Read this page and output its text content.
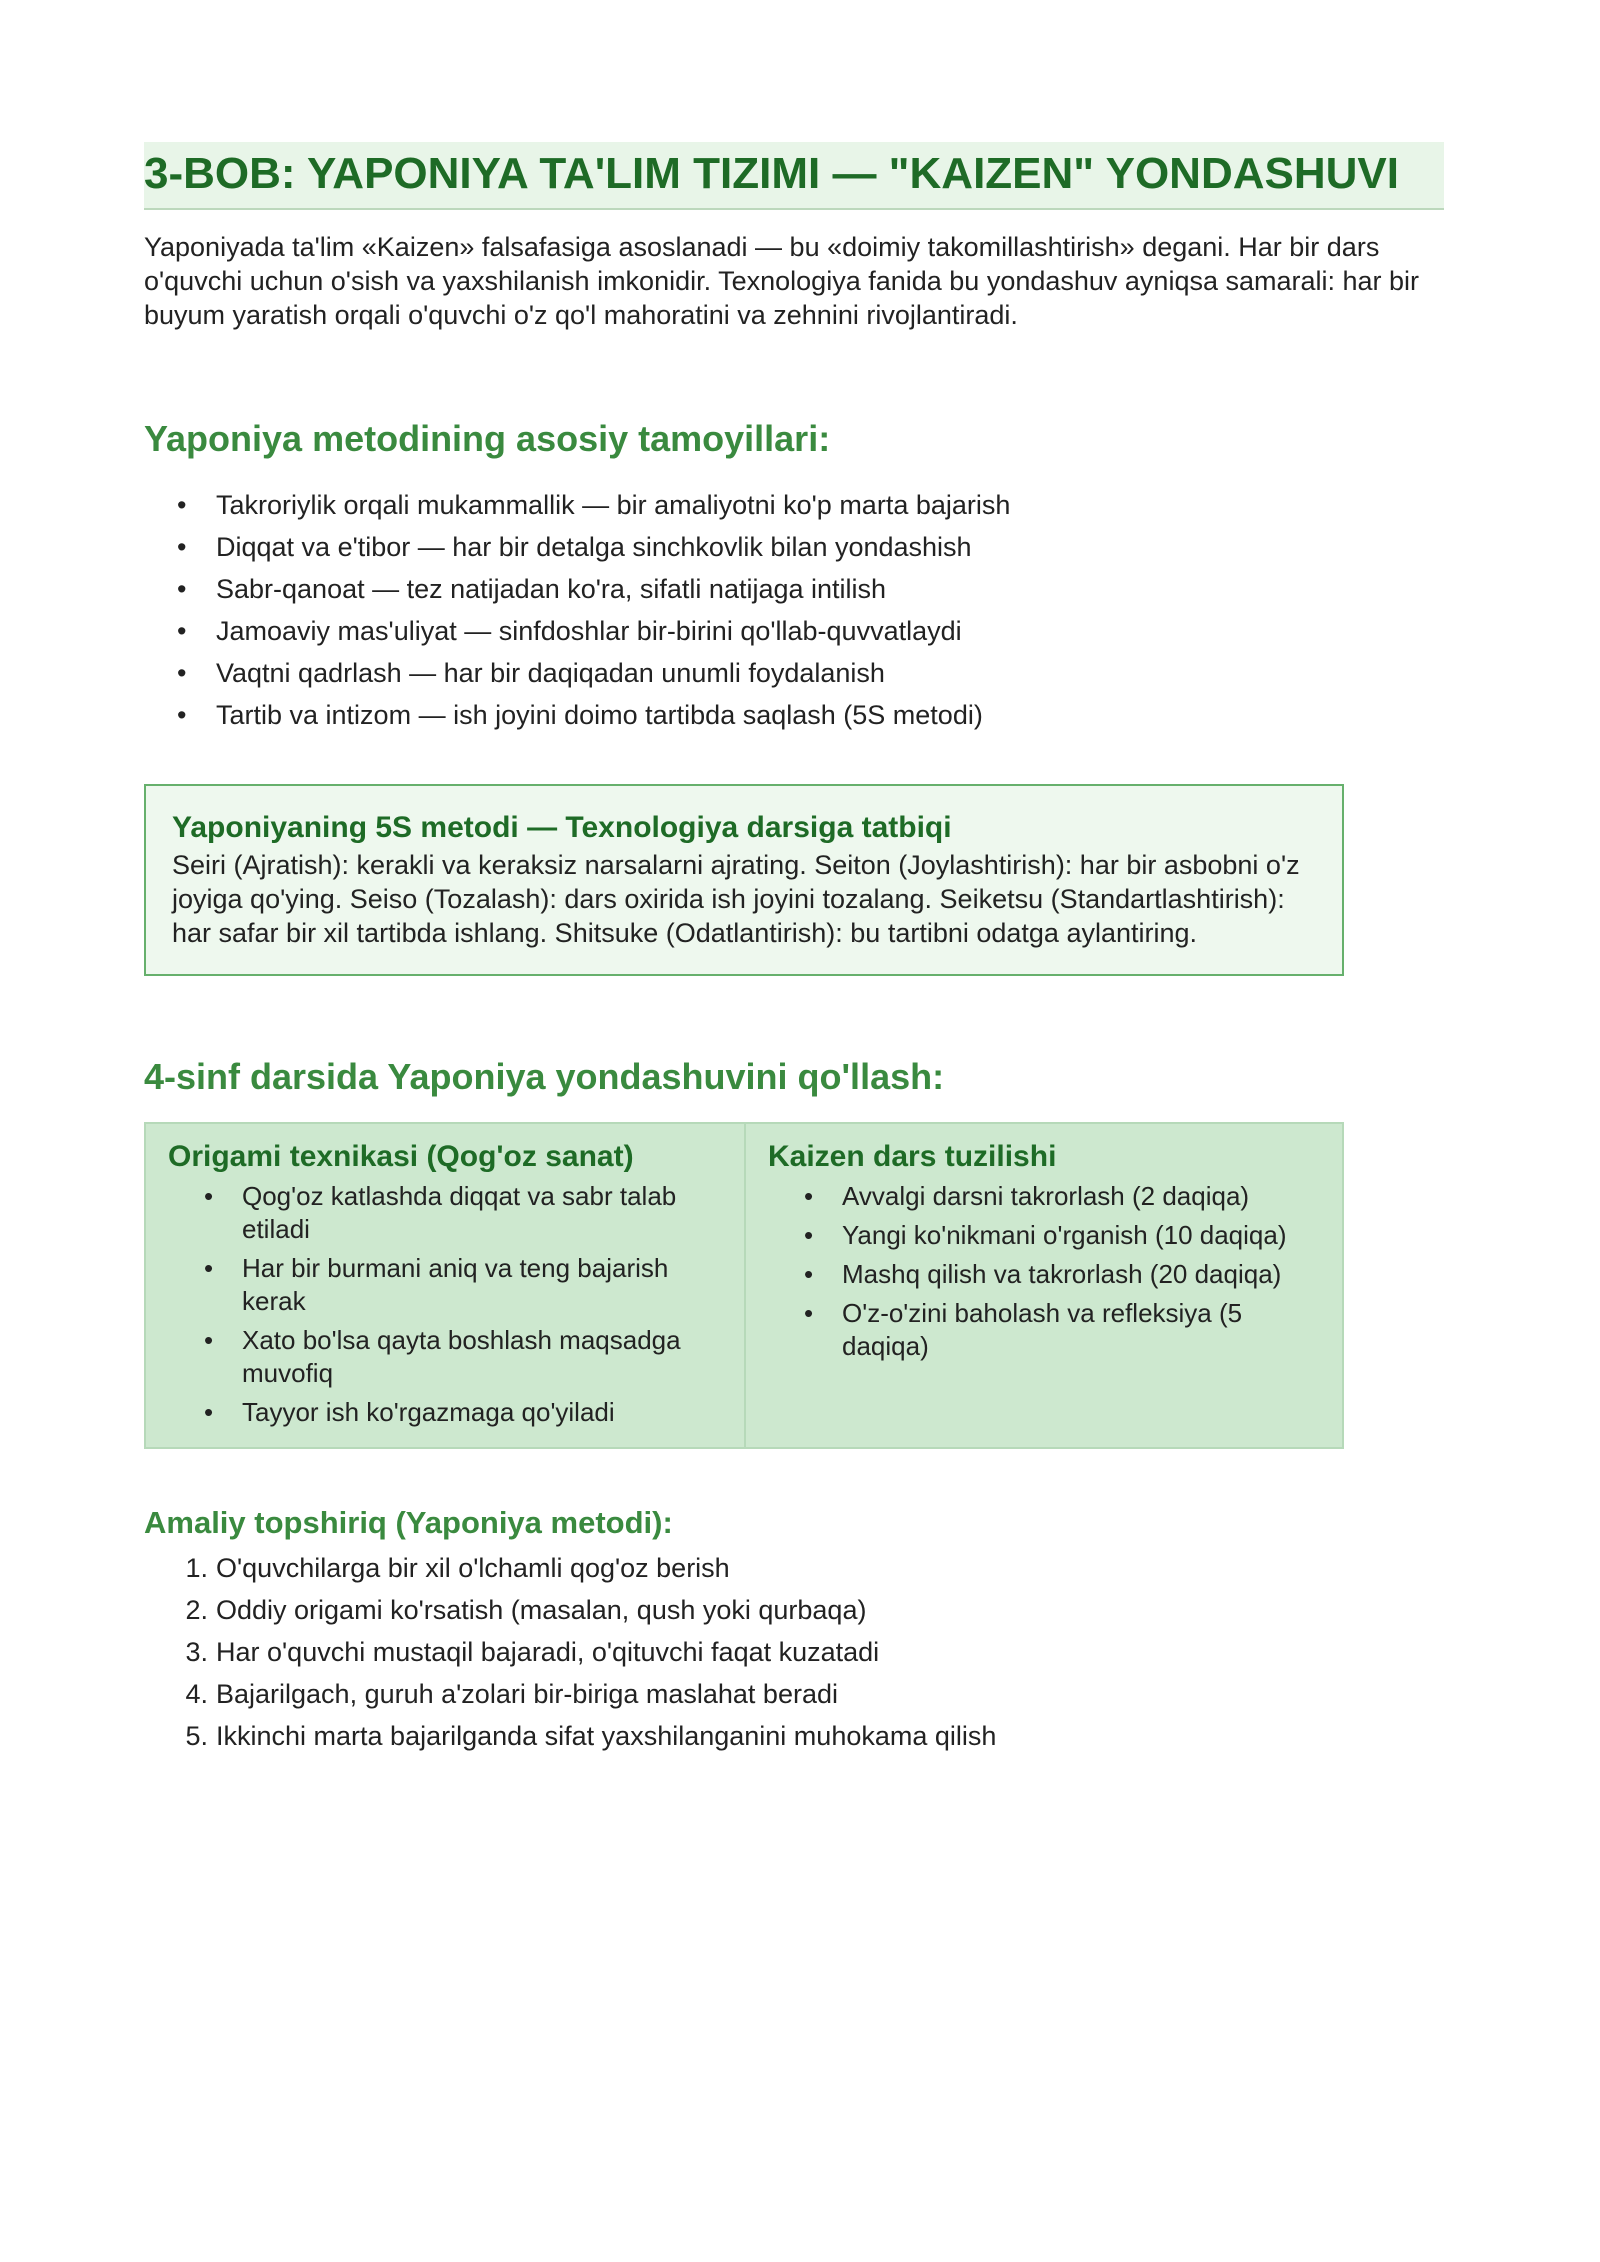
3-BOB: YAPONIYA TA'LIM TIZIMI — "KAIZEN" YONDASHUVI

Yaponiyada ta'lim «Kaizen» falsafasiga asoslanadi — bu «doimiy takomillashtirish» degani. Har bir dars o'quvchi uchun o'sish va yaxshilanish imkonidir. Texnologiya fanida bu yondashuv ayniqsa samarali: har bir buyum yaratish orqali o'quvchi o'z qo'l mahoratini va zehnini rivojlantiradi.

Yaponiya metodining asosiy tamoyillari:
• Takroriylik orqali mukammallik — bir amaliyotni ko'p marta bajarish
• Diqqat va e'tibor — har bir detalga sinchkovlik bilan yondashish
• Sabr-qanoat — tez natijadan ko'ra, sifatli natijaga intilish
• Jamoaviy mas'uliyat — sinfdoshlar bir-birini qo'llab-quvvatlaydi
• Vaqtni qadrlash — har bir daqiqadan unumli foydalanish
• Tartib va intizom — ish joyini doimo tartibda saqlash (5S metodi)
Yaponiyaning 5S metodi — Texnologiya darsiga tatbiqi
Seiri (Ajratish): kerakli va keraksiz narsalarni ajrating. Seiton (Joylashtirish): har bir asbobni o'z joyiga qo'ying. Seiso (Tozalash): dars oxirida ish joyini tozalang. Seiketsu (Standartlashtirish): har safar bir xil tartibda ishlang. Shitsuke (Odatlantirish): bu tartibni odatga aylantiring.
4-sinf darsida Yaponiya yondashuvini qo'llash:
Origami texnikasi (Qog'oz sanat)
• Qog'oz katlashda diqqat va sabr talab etiladi
• Har bir burmani aniq va teng bajarish kerak
• Xato bo'lsa qayta boshlash maqsadga muvofiq
• Tayyor ish ko'rgazmaga qo'yiladi
Kaizen dars tuzilishi
• Avvalgi darsni takrorlash (2 daqiqa)
• Yangi ko'nikmani o'rganish (10 daqiqa)
• Mashq qilish va takrorlash (20 daqiqa)
• O'z-o'zini baholash va refleksiya (5 daqiqa)
Amaliy topshiriq (Yaponiya metodi):
1. O'quvchilarga bir xil o'lchamli qog'oz berish
2. Oddiy origami ko'rsatish (masalan, qush yoki qurbaqa)
3. Har o'quvchi mustaqil bajaradi, o'qituvchi faqat kuzatadi
4. Bajarilgach, guruh a'zolari bir-biriga maslahat beradi
5. Ikkinchi marta bajarilganda sifat yaxshilanganini muhokama qilish
